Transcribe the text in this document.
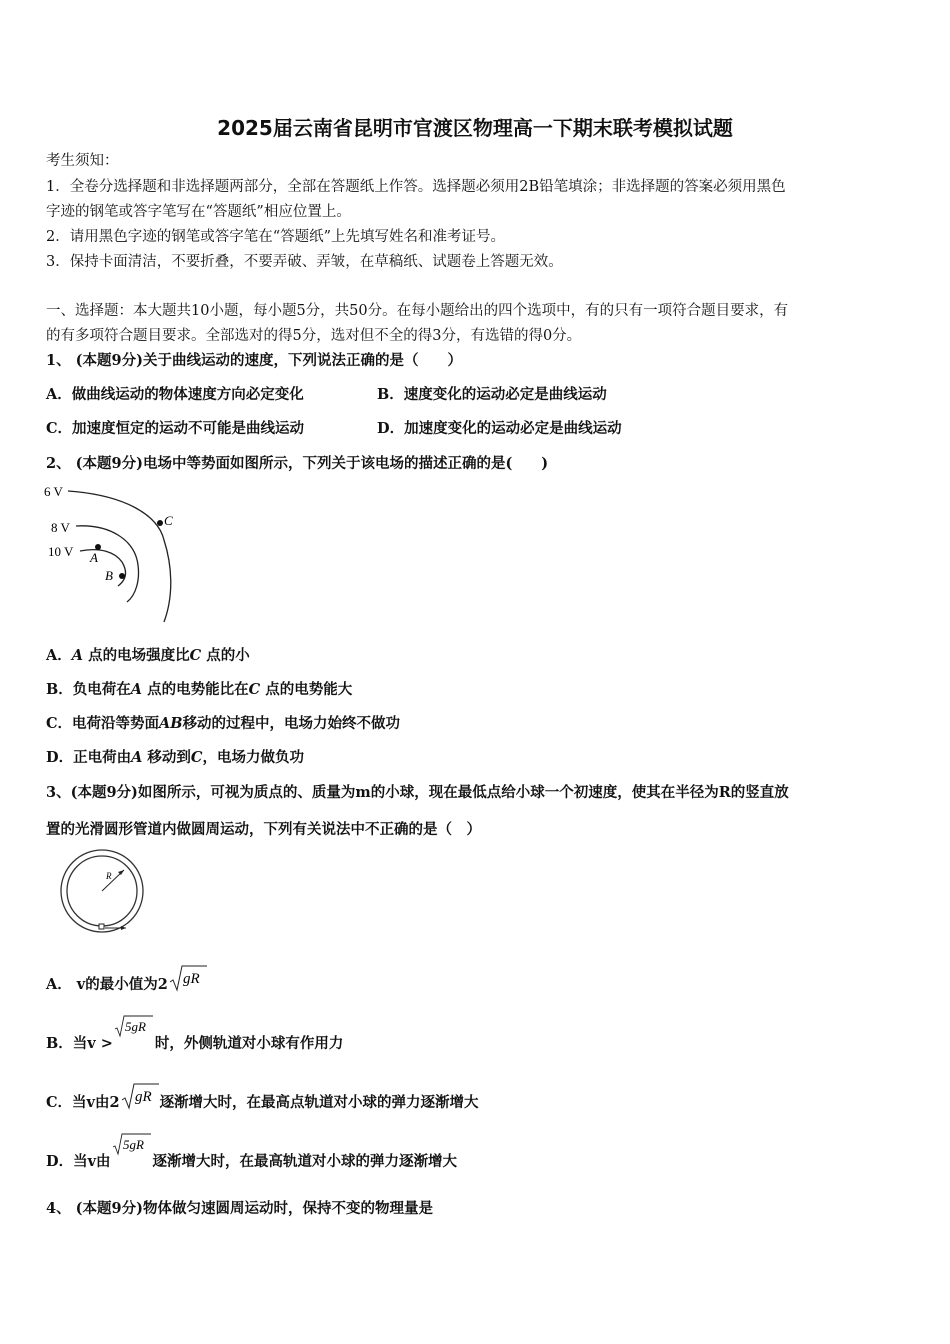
2025届云南省昆明市官渡区物理高一下期末联考模拟试题
考生须知：
1．全卷分选择题和非选择题两部分，全部在答题纸上作答。选择题必须用2B铅笔填涂；非选择题的答案必须用黑色
字迹的钢笔或答字笔写在“答题纸”相应位置上。
2．请用黑色字迹的钢笔或答字笔在“答题纸”上先填写姓名和准考证号。
3．保持卡面清洁，不要折叠，不要弄破、弄皱，在草稿纸、试题卷上答题无效。
一、选择题：本大题共10小题，每小题5分，共50分。在每小题给出的四个选项中，有的只有一项符合题目要求，有
的有多项符合题目要求。全部选对的得5分，选对但不全的得3分，有选错的得0分。
1、 (本题9分)关于曲线运动的速度，下列说法正确的是（　　）
A．做曲线运动的物体速度方向必定变化	B．速度变化的运动必定是曲线运动
C．加速度恒定的运动不可能是曲线运动	D．加速度变化的运动必定是曲线运动
2、 (本题9分)电场中等势面如图所示，下列关于该电场的描述正确的是(　　)
6 V
8 V
10 V
C
A
B
A．A 点的电场强度比C 点的小
B．负电荷在A 点的电势能比在C 点的电势能大
C．电荷沿等势面AB移动的过程中，电场力始终不做功
D．正电荷由A 移动到C，电场力做负功
3、(本题9分)如图所示，可视为质点的、质量为m的小球，现在最低点给小球一个初速度，使其在半径为R的竖直放
置的光滑圆形管道内做圆周运动，下列有关说法中不正确的是（　）
R
A． v的最小值为2 gR
B．当v >
5gR
时，外侧轨道对小球有作用力
C．当v由2 gR 逐渐增大时，在最高点轨道对小球的弹力逐渐增大
D．当v由
5gR
逐渐增大时，在最高轨道对小球的弹力逐渐增大
4、 (本题9分)物体做匀速圆周运动时，保持不变的物理量是
